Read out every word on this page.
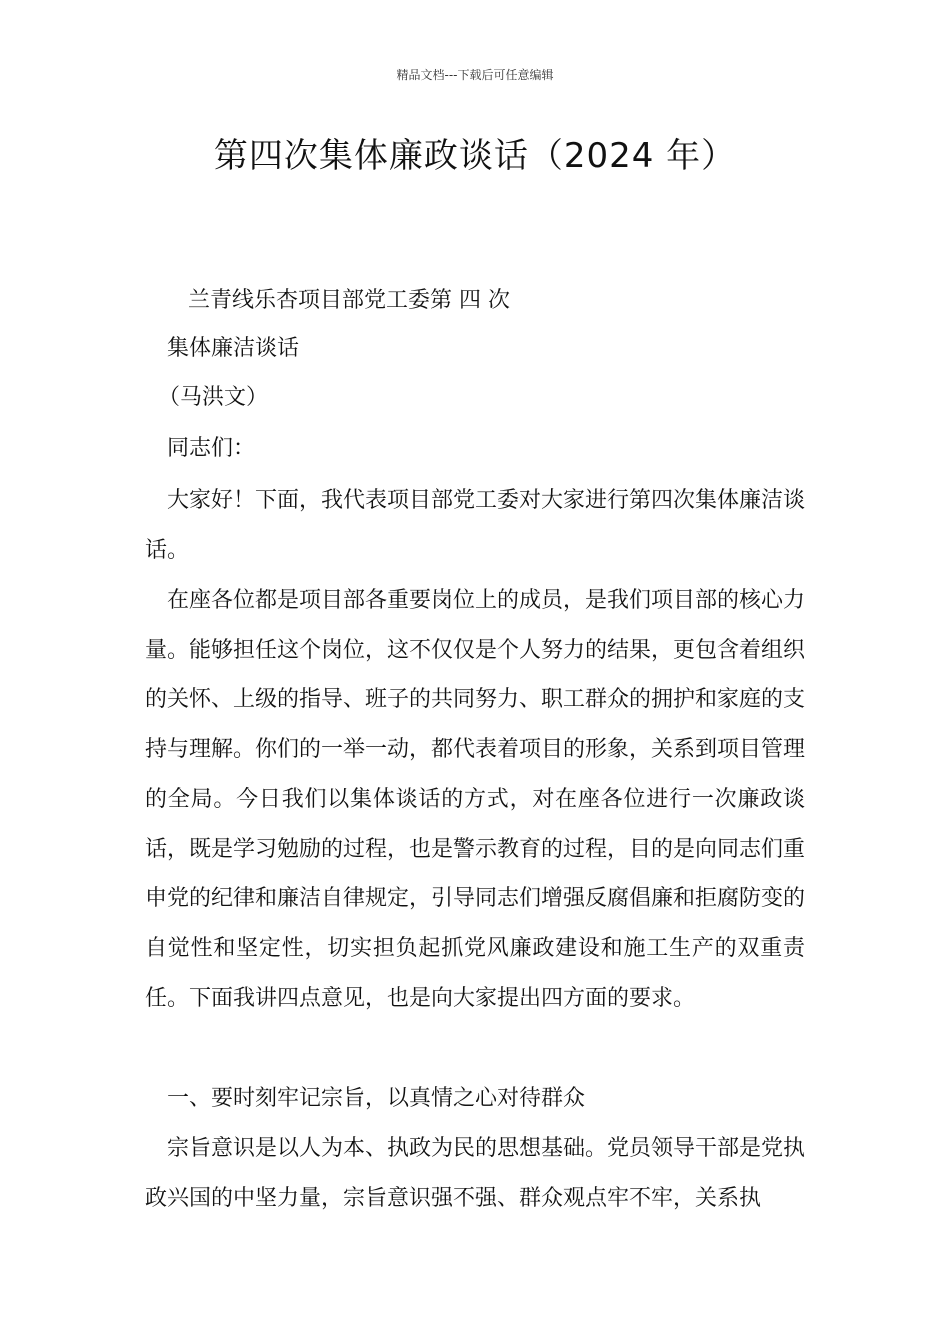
精品文档---下载后可任意编辑
第四次集体廉政谈话（2024 年）
兰青线乐杏项目部党工委第 四 次
集体廉洁谈话
（马洪文）
同志们：

大家好！下面，我代表项目部党工委对大家进行第四次集体廉洁谈话。

在座各位都是项目部各重要岗位上的成员，是我们项目部的核心力量。能够担任这个岗位，这不仅仅是个人努力的结果，更包含着组织的关怀、上级的指导、班子的共同努力、职工群众的拥护和家庭的支持与理解。你们的一举一动，都代表着项目的形象，关系到项目管理的全局。今日我们以集体谈话的方式，对在座各位进行一次廉政谈话，既是学习勉励的过程，也是警示教育的过程，目的是向同志们重申党的纪律和廉洁自律规定，引导同志们增强反腐倡廉和拒腐防变的自觉性和坚定性，切实担负起抓党风廉政建设和施工生产的双重责任。下面我讲四点意见，也是向大家提出四方面的要求。

一、要时刻牢记宗旨，以真情之心对待群众

宗旨意识是以人为本、执政为民的思想基础。党员领导干部是党执政兴国的中坚力量，宗旨意识强不强、群众观点牢不牢，关系执
